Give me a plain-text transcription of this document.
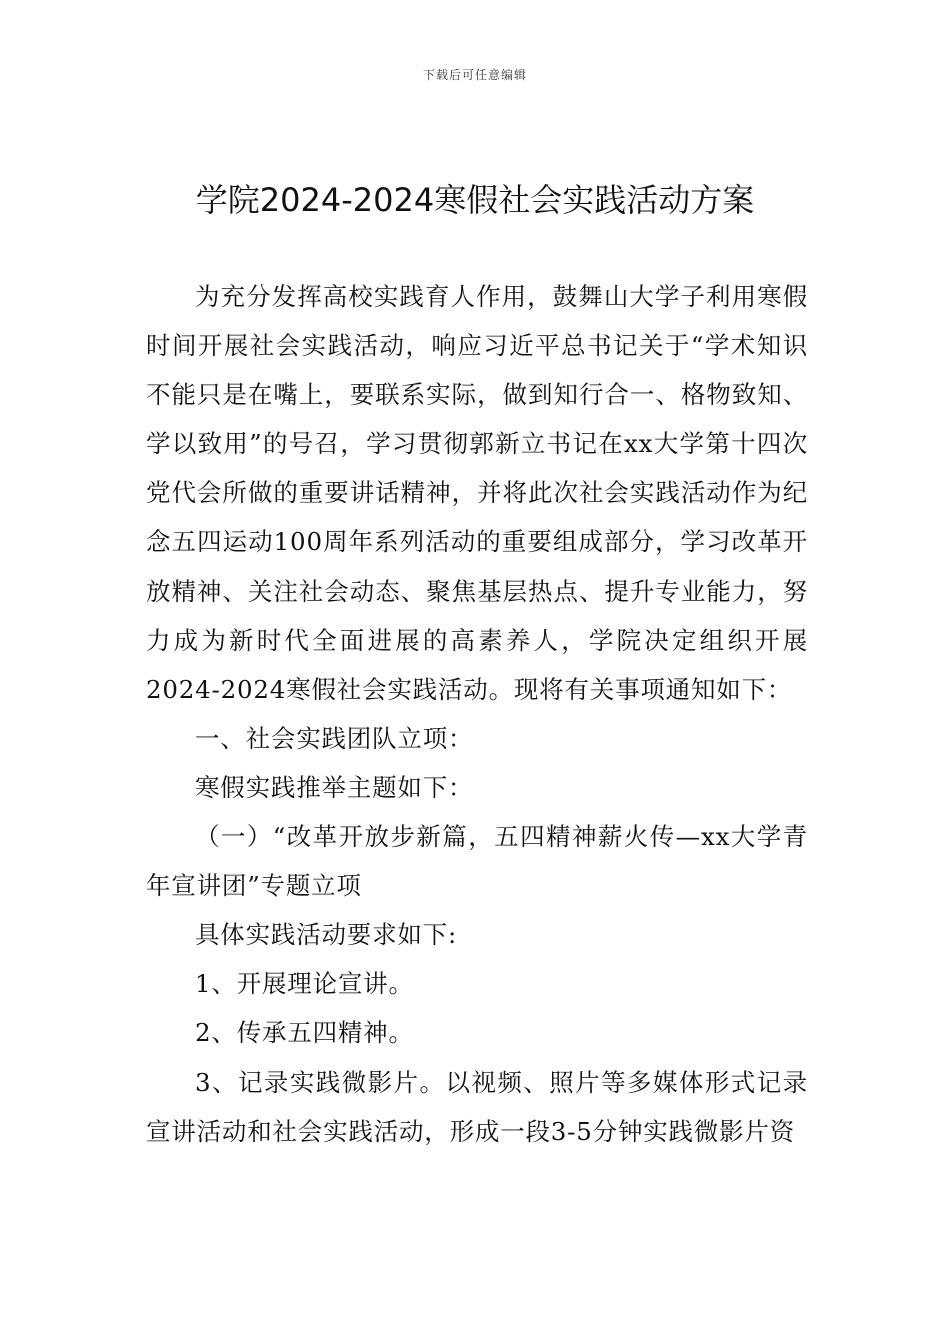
下载后可任意编辑
学院2024-2024寒假社会实践活动方案

为充分发挥高校实践育人作用，鼓舞山大学子利用寒假时间开展社会实践活动，响应习近平总书记关于“学术知识不能只是在嘴上，要联系实际，做到知行合一、格物致知、学以致用”的号召，学习贯彻郭新立书记在xx大学第十四次党代会所做的重要讲话精神，并将此次社会实践活动作为纪念五四运动100周年系列活动的重要组成部分，学习改革开放精神、关注社会动态、聚焦基层热点、提升专业能力，努力成为新时代全面进展的高素养人，学院决定组织开展2024-2024寒假社会实践活动。现将有关事项通知如下：

一、社会实践团队立项：

寒假实践推举主题如下：

（一）“改革开放步新篇，五四精神薪火传—xx大学青年宣讲团”专题立项

具体实践活动要求如下:

1、开展理论宣讲。

2、传承五四精神。

3、记录实践微影片。以视频、照片等多媒体形式记录宣讲活动和社会实践活动，形成一段3-5分钟实践微影片资
